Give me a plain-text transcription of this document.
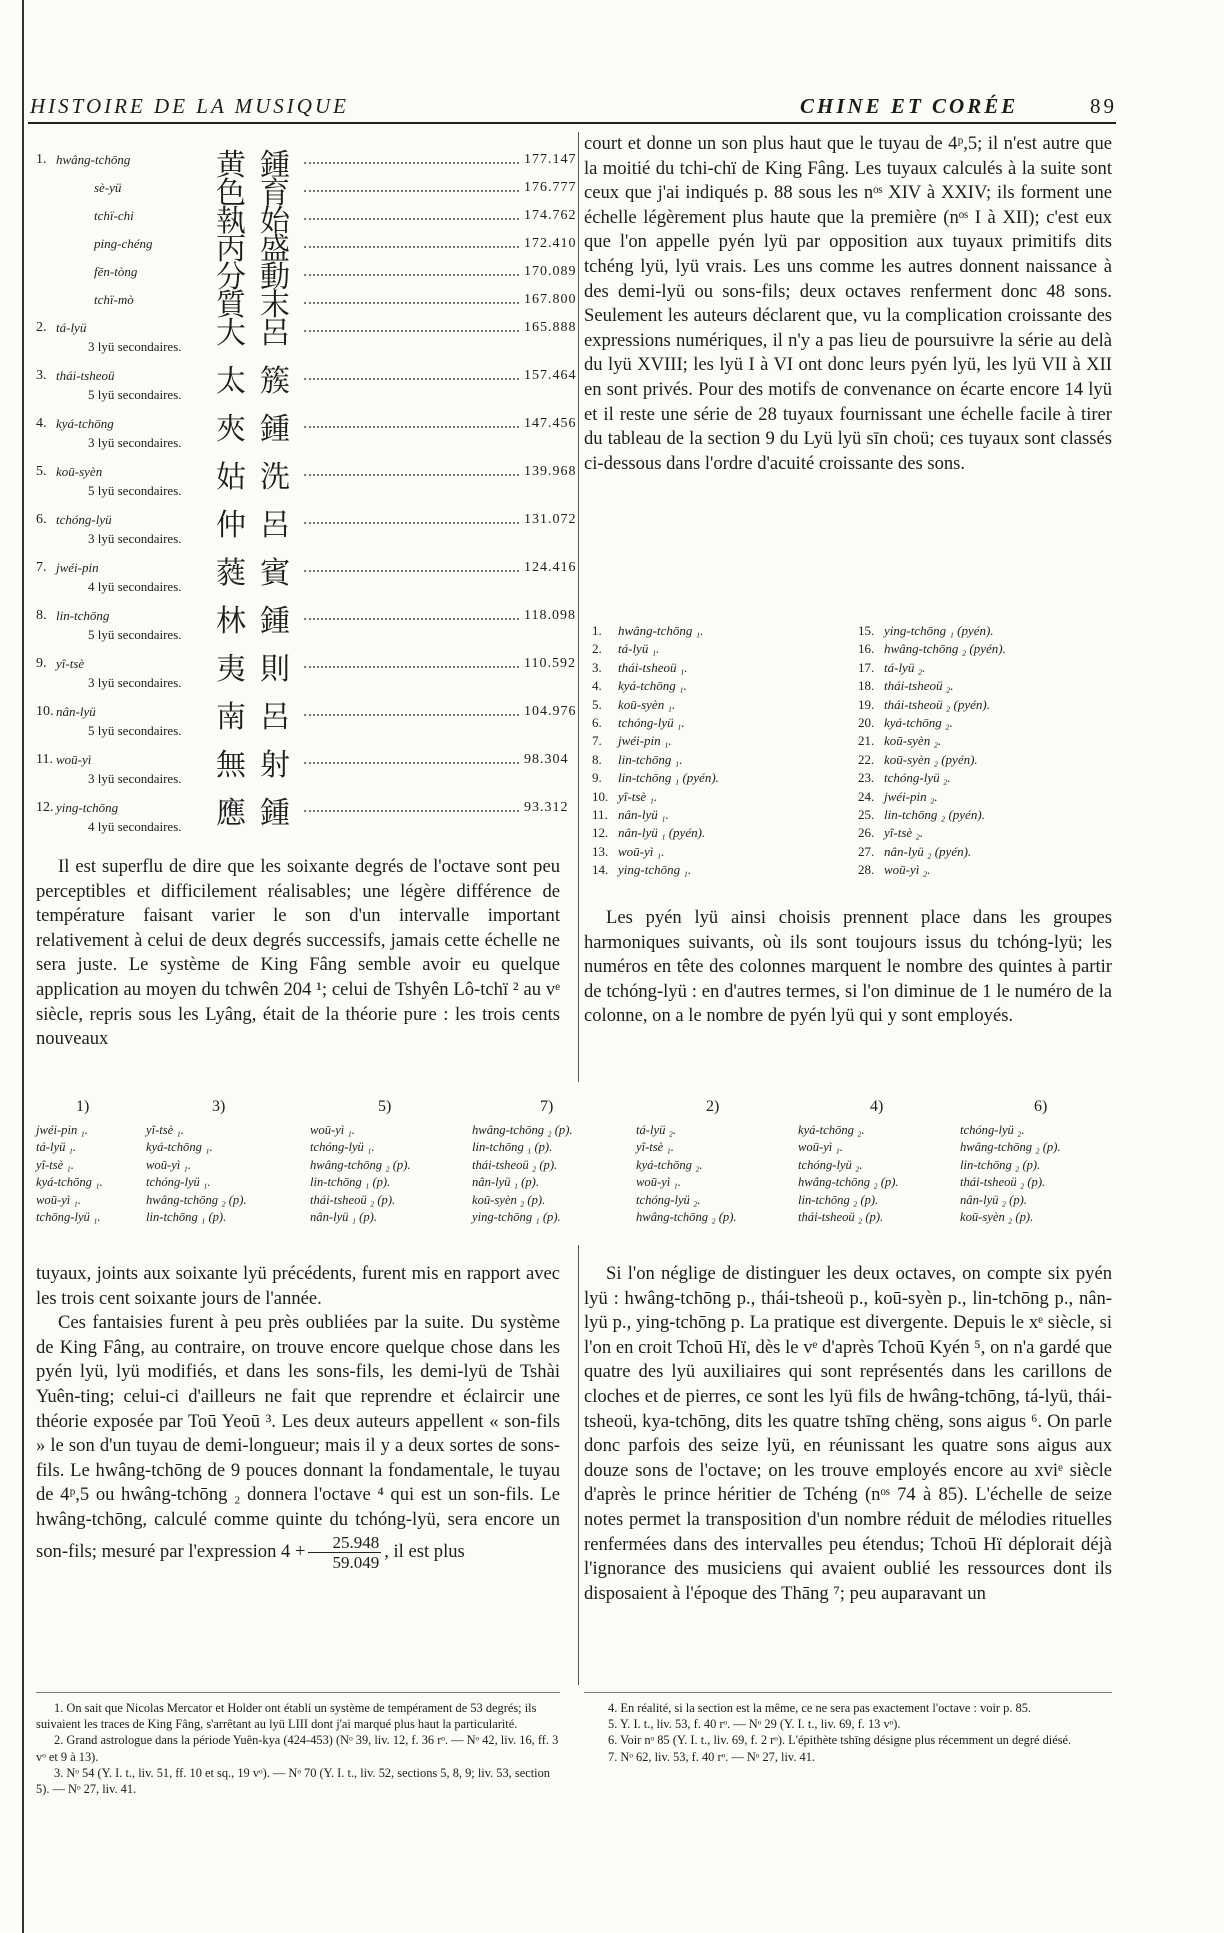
HISTOIRE DE LA MUSIQUE	CHINE ET CORÉE	89
1. hwâng-tchōng	黄鍾	177.147
sè-yü	色育	176.777
tchï-chi	執始	174.762
ping-chéng 丙盛	172.410
fēn-tòng	分動	170.089
tchï-mò	質末	167.800
2. tá-lyü	大呂	165.888
3 lyü secondaires.
3. thái-tsheoü	太簇	157.464
5 lyü secondaires.
4. kyá-tchōng	夾鍾	147.456
3 lyü secondaires.
5. koū-syèn	姑洗	139.968
5 lyü secondaires.
6. tchóng-lyü	仲呂	131.072
3 lyü secondaires.
7. jwéi-pin	蕤賓	124.416
4 lyü secondaires.
8. lin-tchōng	林鍾	118.098
5 lyü secondaires.
9. yî-tsè	夷則	110.592
3 lyü secondaires.
10. nân-lyü	南呂	104.976
5 lyü secondaires.
11. woū-yì	無射	98.304
3 lyü secondaires.
12. ying-tchōng	應鍾	93.312
4 lyü secondaires.

Il est superflu de dire que les soixante degrés de l'octave sont peu perceptibles et difficilement réalisables; une légère différence de température faisant varier le son d'un intervalle important relativement à celui de deux degrés successifs, jamais cette échelle ne sera juste. Le système de King Fâng semble avoir eu quelque application au moyen du tchwên 204 ¹; celui de Tshyên Lô-tchï ² au vᵉ siècle, repris sous les Lyâng, était de la théorie pure : les trois cents nouveaux

court et donne un son plus haut que le tuyau de 4ᵖ,5; il n'est autre que la moitié du tchi-chï de King Fâng. Les tuyaux calculés à la suite sont ceux que j'ai indiqués p. 88 sous les nᵒˢ XIV à XXIV; ils forment une échelle légèrement plus haute que la première (nᵒˢ I à XII); c'est eux que l'on appelle pyén lyü par opposition aux tuyaux primitifs dits tchéng lyü, lyü vrais. Les uns comme les autres donnent naissance à des demi-lyü ou sons-fils; deux octaves renferment donc 48 sons. Seulement les auteurs déclarent que, vu la complication croissante des expressions numériques, il n'y a pas lieu de poursuivre la série au delà du lyü XVIII; les lyü I à VI ont donc leurs pyén lyü, les lyü VII à XII en sont privés. Pour des motifs de convenance on écarte encore 14 lyü et il reste une série de 28 tuyaux fournissant une échelle facile à tirer du tableau de la section 9 du Lyü lyü sīn choü; ces tuyaux sont classés ci-dessous dans l'ordre d'acuité croissante des sons.

1. hwâng-tchōng ₁.
2. tá-lyü ₁.
3. thái-tsheoü ₁.
4. kyá-tchōng ₁.
5. koū-syèn ₁.
6. tchóng-lyü ₁.
7. jwéi-pin ₁.
8. lin-tchōng ₁.
9. lin-tchōng ₁ (pyén).
10. yî-tsè ₁.
11. nân-lyü ₁.
12. nân-lyü ₁ (pyén).
13. woū-yì ₁.
14. ying-tchōng ₁.
15. ying-tchōng ₁ (pyén).
16. hwâng-tchōng ₂ (pyén).
17. tá-lyü ₂.
18. thái-tsheoü ₂.
19. thái-tsheoü ₂ (pyén).
20. kyá-tchōng ₂.
21. koū-syèn ₂.
22. koū-syèn ₂ (pyén).
23. tchóng-lyü ₂.
24. jwéi-pin ₂.
25. lin-tchōng ₂ (pyén).
26. yî-tsè ₂.
27. nân-lyü ₂ (pyén).
28. woū-yì ₂.

Les pyén lyü ainsi choisis prennent place dans les groupes harmoniques suivants, où ils sont toujours issus du tchóng-lyü; les numéros en tête des colonnes marquent le nombre des quintes à partir de tchóng-lyü : en d'autres termes, si l'on diminue de 1 le numéro de la colonne, on a le nombre de pyén lyü qui y sont employés.

1)
jwéi-pin ₁.
tá-lyü ₁.
yî-tsè ₁.
kyá-tchōng ₁.
woū-yì ₁.
tchōng-lyü ₁.
3)
yî-tsè ₁.
kyá-tchōng ₁.
woū-yì ₁.
tchóng-lyü ₁.
hwâng-tchōng ₂ (p).
lin-tchōng ₁ (p).
5)
woū-yì ₁.
tchóng-lyü ₁.
hwâng-tchōng ₂ (p).
lin-tchōng ₁ (p).
thái-tsheoü ₂ (p).
nân-lyü ₁ (p).
7)
hwâng-tchōng ₂ (p).
lin-tchōng ₁ (p).
thái-tsheoü ₂ (p).
nân-lyü ₁ (p).
koū-syèn ₂ (p).
ying-tchōng ₁ (p).
2)
tá-lyü ₂.
yî-tsè ₁.
kyá-tchōng ₂.
woū-yì ₁.
tchóng-lyü ₂.
hwâng-tchōng ₂ (p).
4)
kyá-tchōng ₂.
woū-yì ₁.
tchóng-lyü ₂.
hwâng-tchōng ₂ (p).
lin-tchōng ₂ (p).
thái-tsheoü ₂ (p).
6)
tchóng-lyü ₂.
hwâng-tchōng ₂ (p).
lin-tchōng ₂ (p).
thái-tsheoü ₂ (p).
nân-lyü ₂ (p).
koū-syèn ₂ (p).

tuyaux, joints aux soixante lyü précédents, furent mis en rapport avec les trois cent soixante jours de l'année.

Ces fantaisies furent à peu près oubliées par la suite. Du système de King Fâng, au contraire, on trouve encore quelque chose dans les pyén lyü, lyü modifiés, et dans les sons-fils, les demi-lyü de Tshài Yuên-ting; celui-ci d'ailleurs ne fait que reprendre et éclaircir une théorie exposée par Toū Yeoū ³. Les deux auteurs appellent « son-fils » le son d'un tuyau de demi-longueur; mais il y a deux sortes de sons-fils. Le hwâng-tchōng de 9 pouces donnant la fondamentale, le tuyau de 4ᵖ,5 ou hwâng-tchōng ₂ donnera l'octave ⁴ qui est un son-fils. Le hwâng-tchōng, calculé comme quinte du tchóng-lyü, sera encore un son-fils; mesuré par l'expression $4 + \frac{25.948}{59.049}$ , il est plus

Si l'on néglige de distinguer les deux octaves, on compte six pyén lyü : hwâng-tchōng p., thái-tsheoü p., koū-syèn p., lin-tchōng p., nân-lyü p., ying-tchōng p. La pratique est divergente. Depuis le xᵉ siècle, si l'on en croit Tchoū Hï, dès le vᵉ d'après Tchoū Kyén ⁵, on n'a gardé que quatre des lyü auxiliaires qui sont représentés dans les carillons de cloches et de pierres, ce sont les lyü fils de hwâng-tchōng, tá-lyü, thái-tsheoü, kya-tchōng, dits les quatre tshīng chëng, sons aigus ⁶. On parle donc parfois des seize lyü, en réunissant les quatre sons aigus aux douze sons de l'octave; on les trouve employés encore au xviᵉ siècle d'après le prince héritier de Tchéng (nᵒˢ 74 à 85). L'échelle de seize notes permet la transposition d'un nombre réduit de mélodies rituelles renfermées dans des intervalles peu étendus; Tchoū Hï déplorait déjà l'ignorance des musiciens qui avaient oublié les ressources dont ils disposaient à l'époque des Thāng ⁷; peu auparavant un

1. On sait que Nicolas Mercator et Holder ont établi un système de tempérament de 53 degrés; ils suivaient les traces de King Fâng, s'arrêtant au lyü LIII dont j'ai marqué plus haut la particularité.

2. Grand astrologue dans la période Yuên-kya (424-453) (Nᵒ 39, liv. 12, f. 36 rᵒ. — Nᵒ 42, liv. 16, ff. 3 vᵒ et 9 à 13).

3. Nᵒ 54 (Y. I. t., liv. 51, ff. 10 et sq., 19 vᵒ). — Nᵒ 70 (Y. I. t., liv. 52, sections 5, 8, 9; liv. 53, section 5). — Nᵒ 27, liv. 41.

4. En réalité, si la section est la même, ce ne sera pas exactement l'octave : voir p. 85.

5. Y. I. t., liv. 53, f. 40 rᵒ. — Nᵒ 29 (Y. I. t., liv. 69, f. 13 vᵒ).

6. Voir nᵒ 85 (Y. I. t., liv. 69, f. 2 rᵒ). L'épithète tshīng désigne plus récemment un degré diésé.

7. Nᵒ 62, liv. 53, f. 40 rᵒ. — Nᵒ 27, liv. 41.
